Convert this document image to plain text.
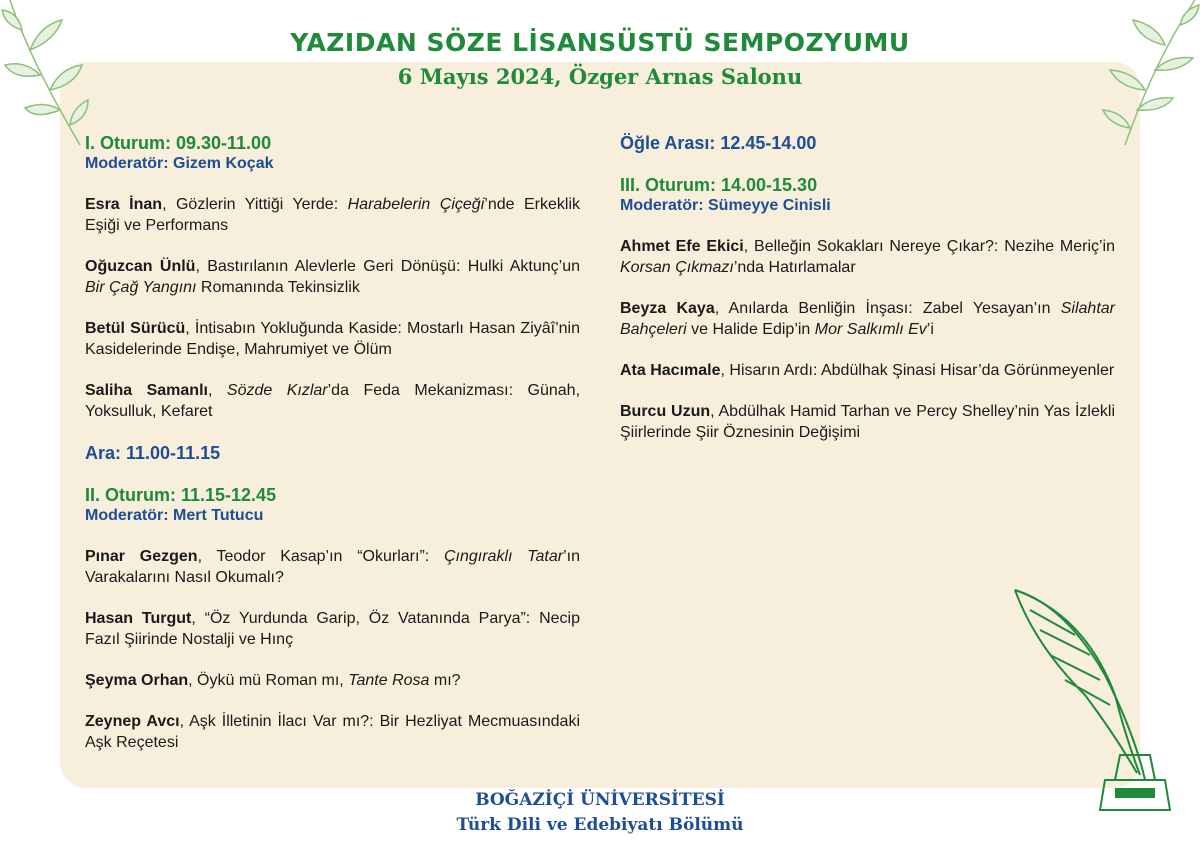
YAZIDAN SÖZE LİSANSÜSTÜ SEMPOZYUMU
6 Mayıs 2024, Özger Arnas Salonu
I. Oturum: 09.30-11.00
Moderatör: Gizem Koçak
Esra İnan, Gözlerin Yittiği Yerde: Harabelerin Çiçeği’nde Erkeklik Eşiği ve Performans
Oğuzcan Ünlü, Bastırılanın Alevlerle Geri Dönüşü: Hulki Aktunç’un Bir Çağ Yangını Romanında Tekinsizlik
Betül Sürücü, İntisabın Yokluğunda Kaside: Mostarlı Hasan Ziyâî’nin Kasidelerinde Endişe, Mahrumiyet ve Ölüm
Saliha Samanlı, Sözde Kızlar’da Feda Mekanizması: Günah, Yoksulluk, Kefaret
Ara: 11.00-11.15
II. Oturum: 11.15-12.45
Moderatör: Mert Tutucu
Pınar Gezgen, Teodor Kasap’ın “Okurları”: Çıngıraklı Tatar’ın Varakalarını Nasıl Okumalı?
Hasan Turgut, “Öz Yurdunda Garip, Öz Vatanında Parya”: Necip Fazıl Şiirinde Nostalji ve Hınç
Şeyma Orhan, Öykü mü Roman mı, Tante Rosa mı?
Zeynep Avcı, Aşk İlletinin İlacı Var mı?: Bir Hezliyat Mecmuasındaki Aşk Reçetesi
Öğle Arası: 12.45-14.00
III. Oturum: 14.00-15.30
Moderatör: Sümeyye Cinisli
Ahmet Efe Ekici, Belleğin Sokakları Nereye Çıkar?: Nezihe Meriç’in Korsan Çıkmazı’nda Hatırlamalar
Beyza Kaya, Anılarda Benliğin İnşası: Zabel Yesayan’ın Silahtar Bahçeleri ve Halide Edip’in Mor Salkımlı Ev’i
Ata Hacımale, Hisarın Ardı: Abdülhak Şinasi Hisar’da Görünmeyenler
Burcu Uzun, Abdülhak Hamid Tarhan ve Percy Shelley’nin Yas İzlekli Şiirlerinde Şiir Öznesinin Değişimi
BOĞAZİÇİ ÜNİVERSİTESİ
Türk Dili ve Edebiyatı Bölümü
